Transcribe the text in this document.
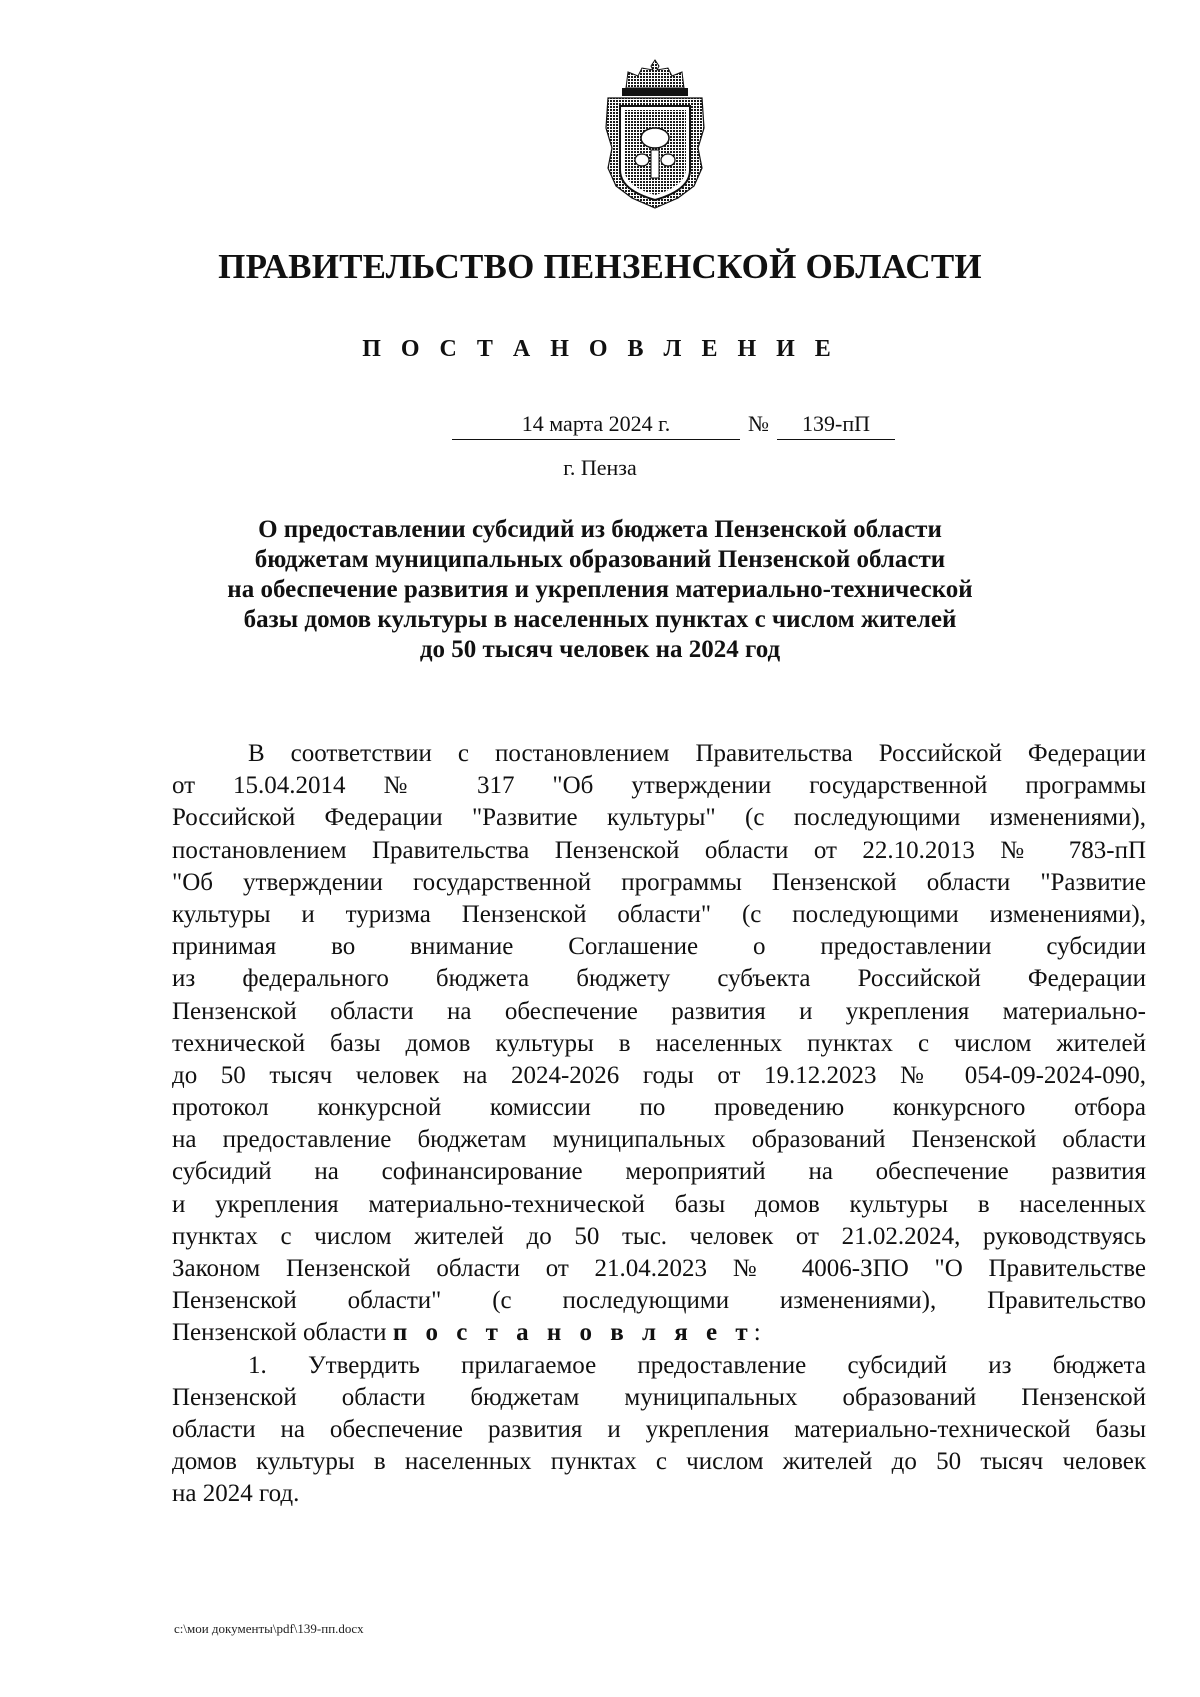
ПРАВИТЕЛЬСТВО ПЕНЗЕНСКОЙ ОБЛАСТИ
П О С Т А Н О В Л Е Н И Е
14 марта 2024 г.	№	139-пП
г. Пенза
О предоставлении субсидий из бюджета Пензенской области
бюджетам муниципальных образований Пензенской области
на обеспечение развития и укрепления материально-технической
базы домов культуры в населенных пунктах с числом жителей
до 50 тысяч человек на 2024 год
В соответствии с постановлением Правительства Российской Федерации
от 15.04.2014 № 317 "Об утверждении государственной программы
Российской Федерации "Развитие культуры" (с последующими изменениями),
постановлением Правительства Пензенской области от 22.10.2013 № 783-пП
"Об утверждении государственной программы Пензенской области "Развитие
культуры и туризма Пензенской области" (с последующими изменениями),
принимая во внимание Соглашение о предоставлении субсидии
из федерального бюджета бюджету субъекта Российской Федерации
Пензенской области на обеспечение развития и укрепления материально-
технической базы домов культуры в населенных пунктах с числом жителей
до 50 тысяч человек на 2024-2026 годы от 19.12.2023 № 054-09-2024-090,
протокол конкурсной комиссии по проведению конкурсного отбора
на предоставление бюджетам муниципальных образований Пензенской области
субсидий на софинансирование мероприятий на обеспечение развития
и укрепления материально-технической базы домов культуры в населенных
пунктах с числом жителей до 50 тыс. человек от 21.02.2024, руководствуясь
Законом Пензенской области от 21.04.2023 № 4006-ЗПО "О Правительстве
Пензенской области" (с последующими изменениями), Правительство
Пензенской области п о с т а н о в л я е т:
1. Утвердить прилагаемое предоставление субсидий из бюджета
Пензенской области бюджетам муниципальных образований Пензенской
области на обеспечение развития и укрепления материально-технической базы
домов культуры в населенных пунктах с числом жителей до 50 тысяч человек
на 2024 год.
c:\мои документы\pdf\139-пп.docx
